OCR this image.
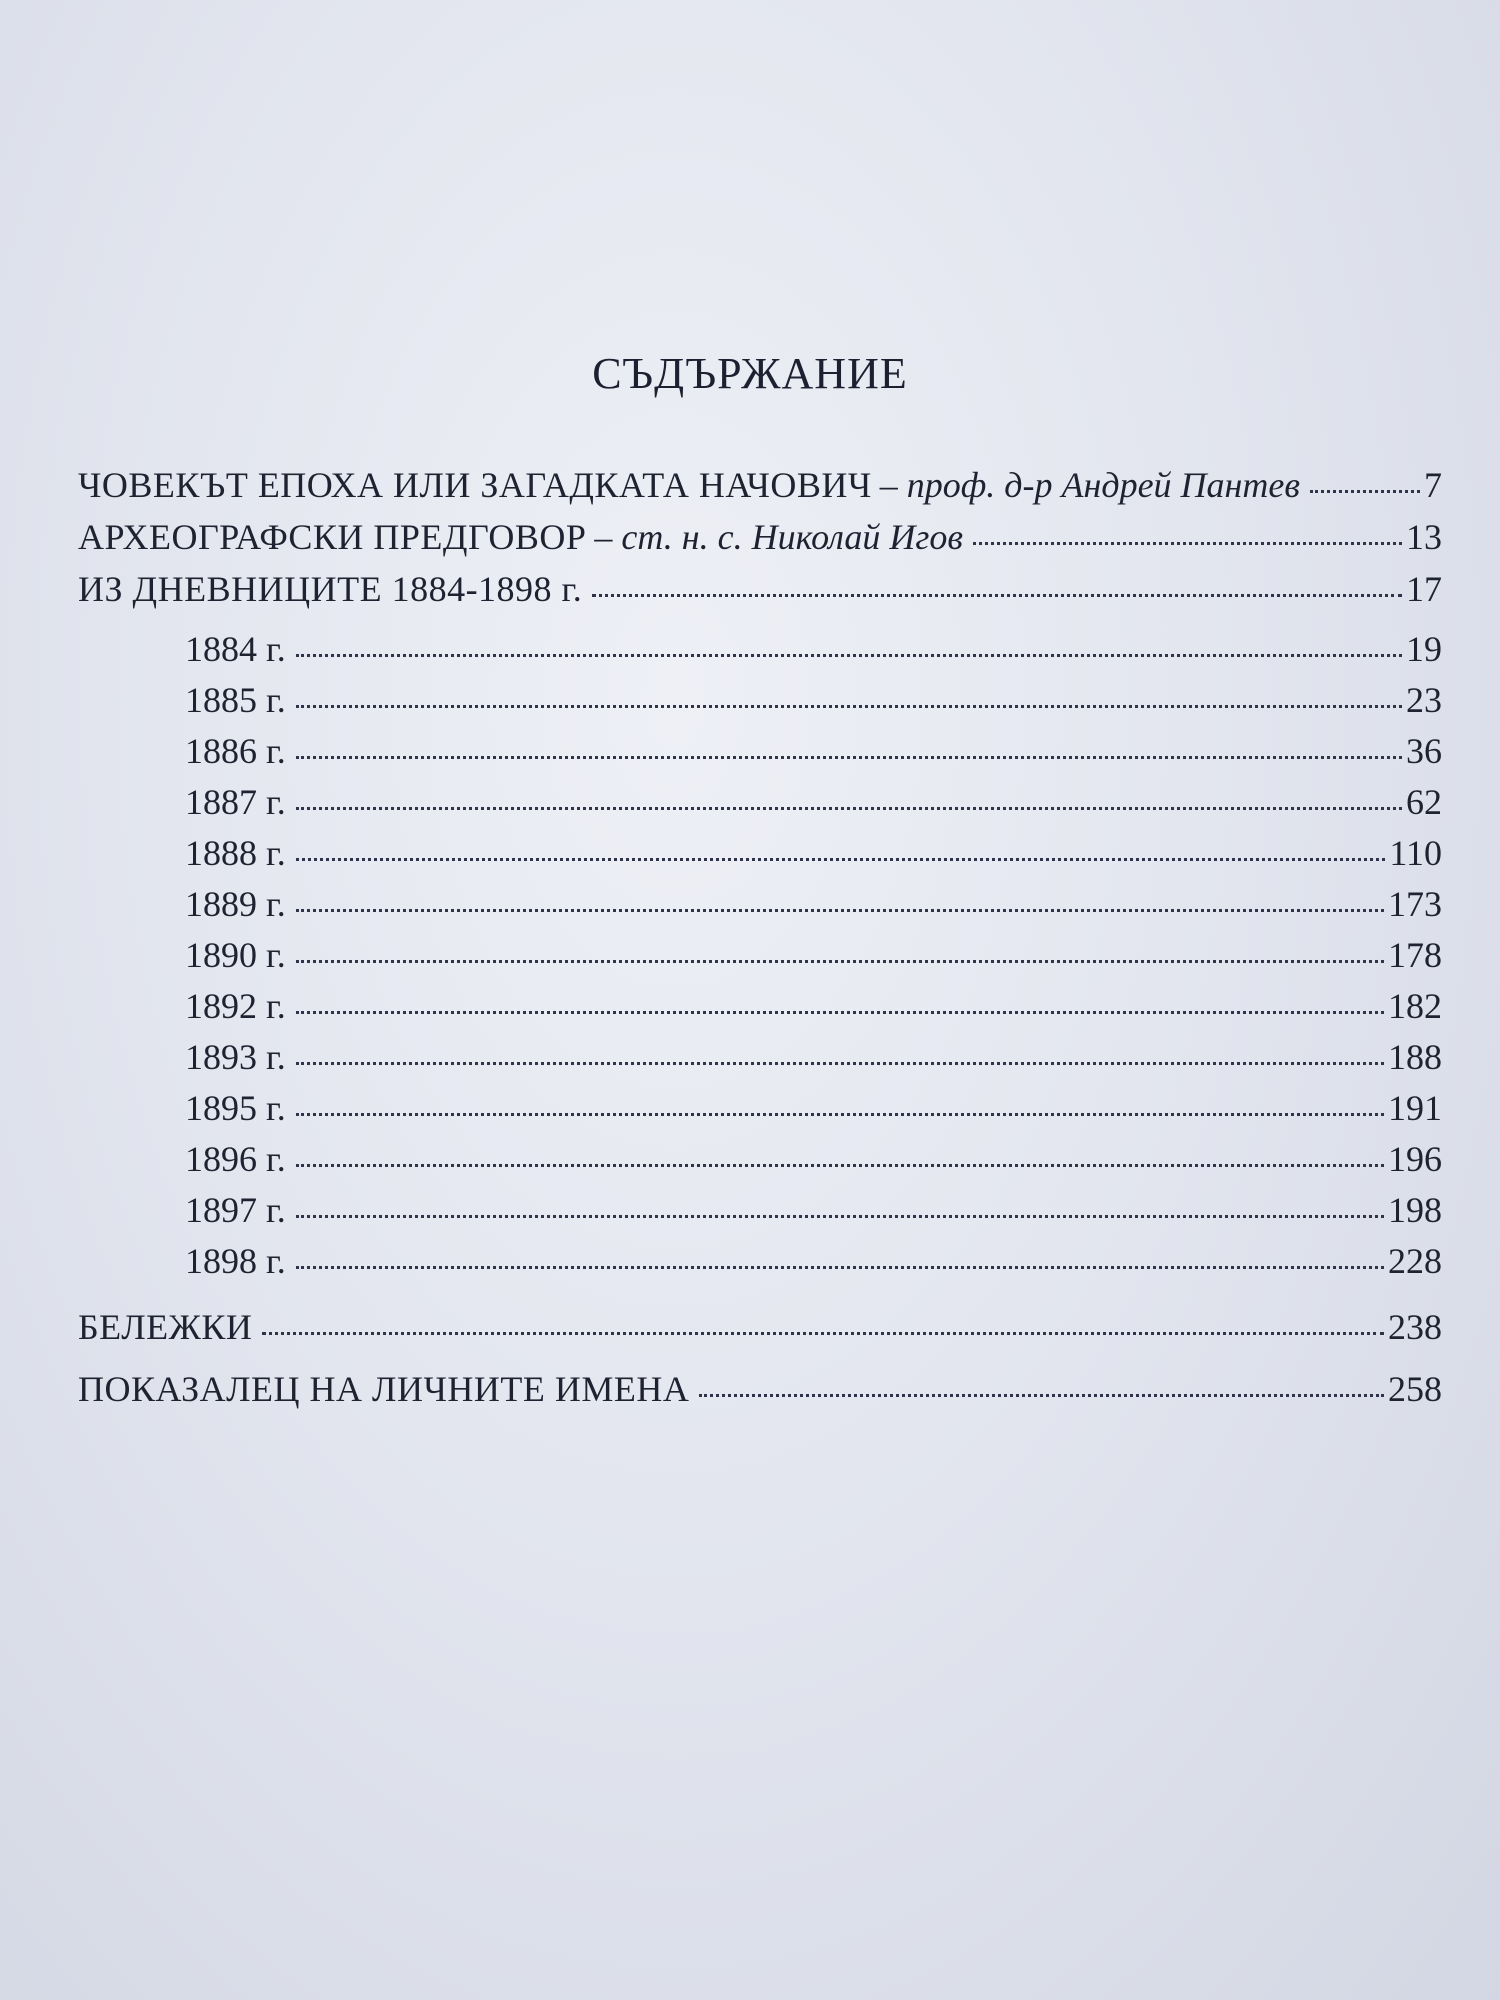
СЪДЪРЖАНИЕ
ЧОВЕКЪТ ЕПОХА ИЛИ ЗАГАДКАТА НАЧОВИЧ – проф. д-р Андрей Пантев	7
АРХЕОГРАФСКИ ПРЕДГОВОР – ст. н. с. Николай Игов	13
ИЗ ДНЕВНИЦИТЕ 1884-1898 г.	17
1884 г.	19
1885 г.	23
1886 г.	36
1887 г.	62
1888 г.	110
1889 г.	173
1890 г.	178
1892 г.	182
1893 г.	188
1895 г.	191
1896 г.	196
1897 г.	198
1898 г.	228
БЕЛЕЖКИ	238
ПОКАЗАЛЕЦ НА ЛИЧНИТЕ ИМЕНА	258
